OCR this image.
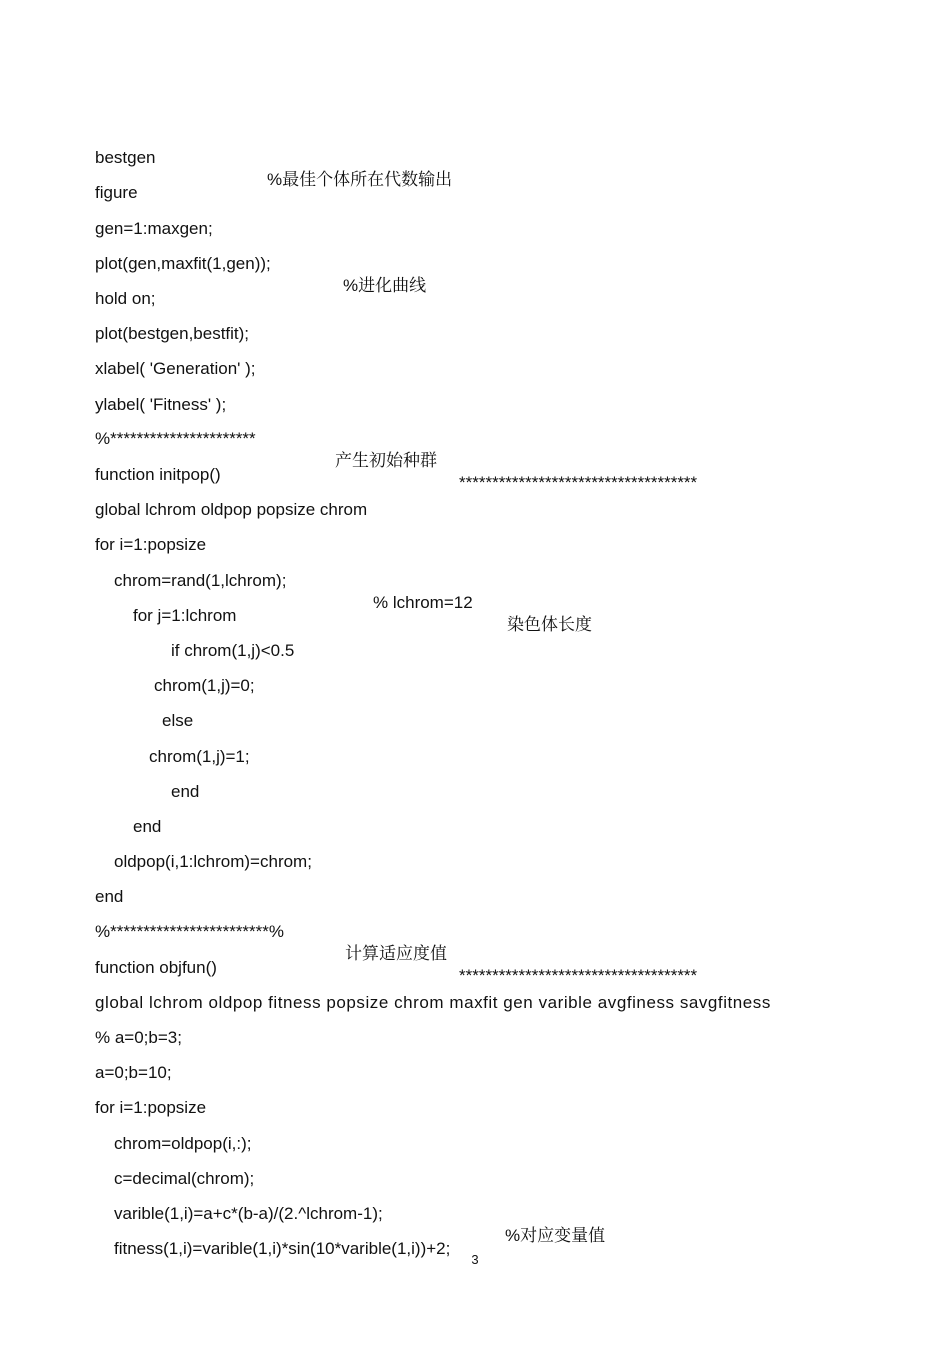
bestgen

%最佳个体所在代数输出

figure

gen=1:maxgen;

plot(gen,maxfit(1,gen));

%进化曲线

hold on;

plot(bestgen,bestfit);

xlabel( 'Generation' );

ylabel( 'Fitness' );

%**********************

产生初始种群

************************************

function initpop()

global lchrom oldpop popsize chrom

for i=1:popsize

chrom=rand(1,lchrom);

% lchrom=12

染色体长度

for j=1:lchrom

if chrom(1,j)<0.5

chrom(1,j)=0;

else

chrom(1,j)=1;

end

end

oldpop(i,1:lchrom)=chrom;

end

%************************%

计算适应度值

************************************

function objfun()

global lchrom oldpop fitness popsize chrom maxfit gen varible avgfiness savgfitness

% a=0;b=3;

a=0;b=10;

for i=1:popsize

chrom=oldpop(i,:);

c=decimal(chrom);

varible(1,i)=a+c*(b-a)/(2.^lchrom-1);

%对应变量值

fitness(1,i)=varible(1,i)*sin(10*varible(1,i))+2;

3
